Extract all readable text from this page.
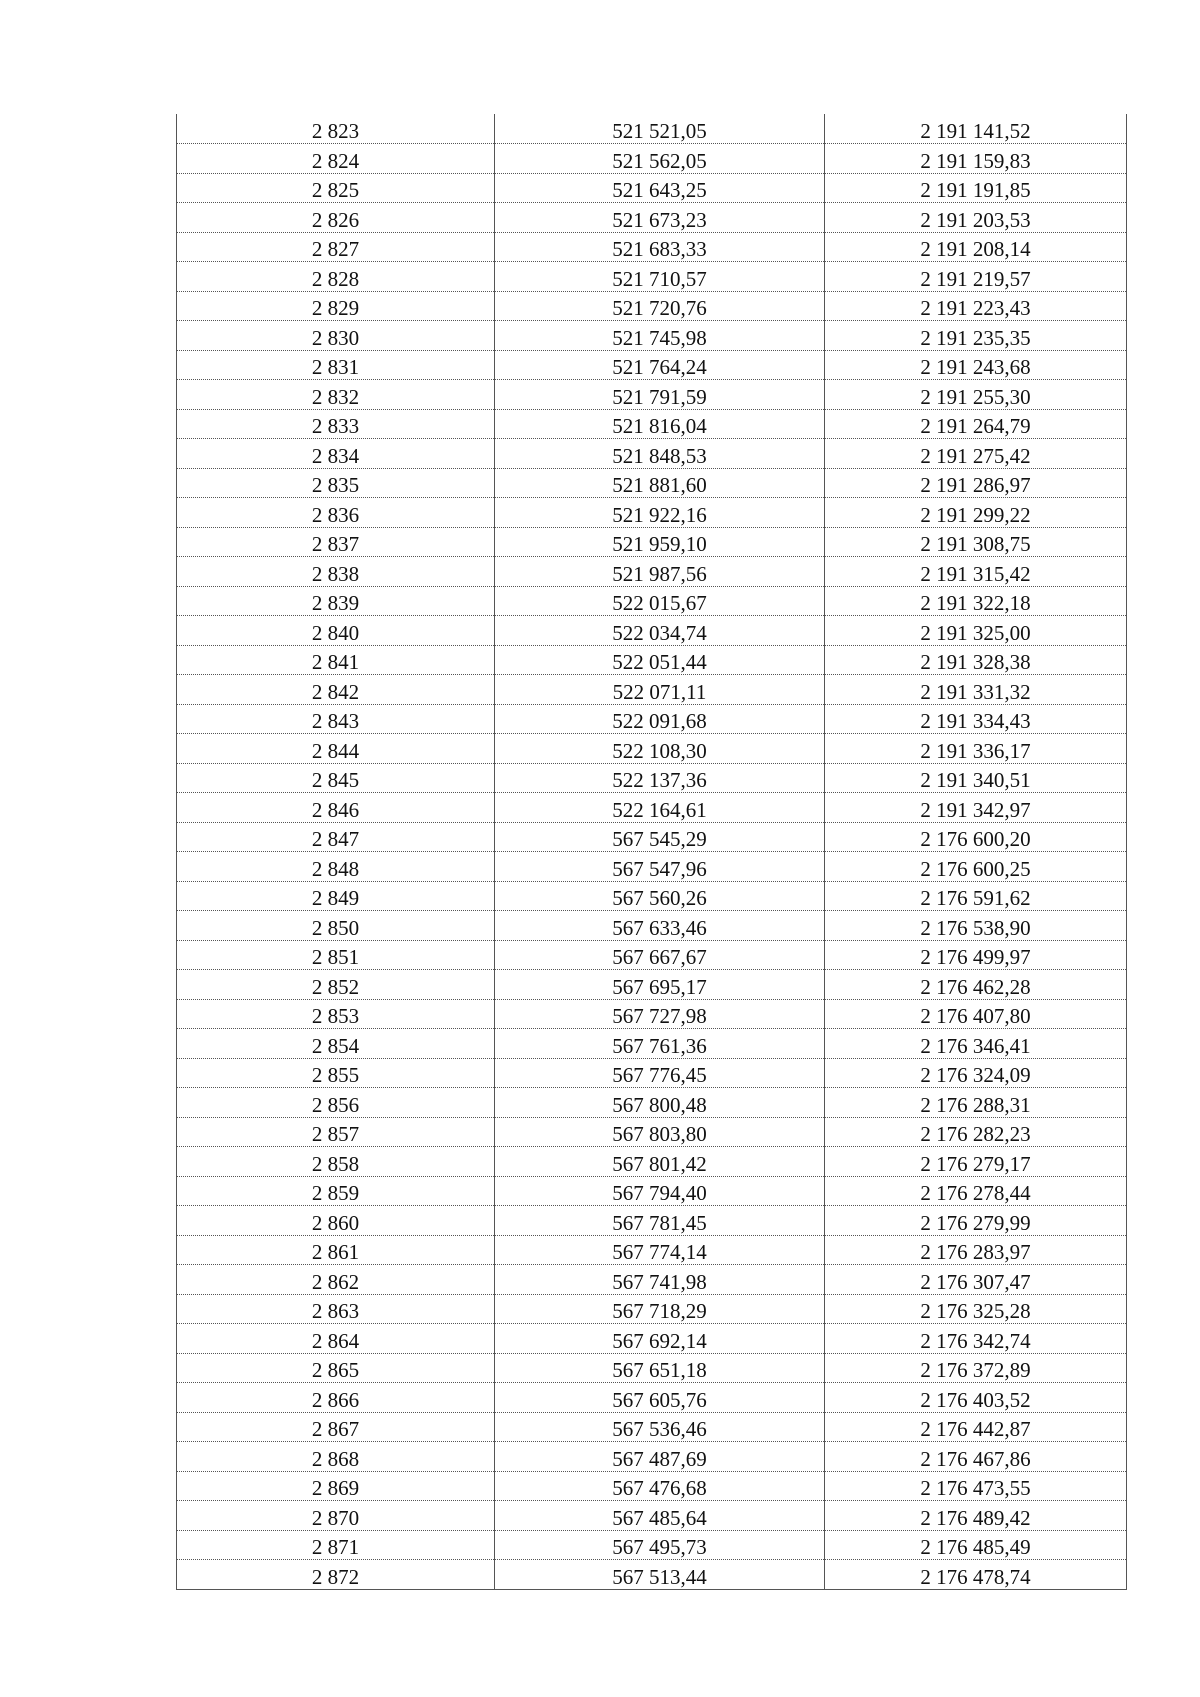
2 823	521 521,05	2 191 141,52
2 824	521 562,05	2 191 159,83
2 825	521 643,25	2 191 191,85
2 826	521 673,23	2 191 203,53
2 827	521 683,33	2 191 208,14
2 828	521 710,57	2 191 219,57
2 829	521 720,76	2 191 223,43
2 830	521 745,98	2 191 235,35
2 831	521 764,24	2 191 243,68
2 832	521 791,59	2 191 255,30
2 833	521 816,04	2 191 264,79
2 834	521 848,53	2 191 275,42
2 835	521 881,60	2 191 286,97
2 836	521 922,16	2 191 299,22
2 837	521 959,10	2 191 308,75
2 838	521 987,56	2 191 315,42
2 839	522 015,67	2 191 322,18
2 840	522 034,74	2 191 325,00
2 841	522 051,44	2 191 328,38
2 842	522 071,11	2 191 331,32
2 843	522 091,68	2 191 334,43
2 844	522 108,30	2 191 336,17
2 845	522 137,36	2 191 340,51
2 846	522 164,61	2 191 342,97
2 847	567 545,29	2 176 600,20
2 848	567 547,96	2 176 600,25
2 849	567 560,26	2 176 591,62
2 850	567 633,46	2 176 538,90
2 851	567 667,67	2 176 499,97
2 852	567 695,17	2 176 462,28
2 853	567 727,98	2 176 407,80
2 854	567 761,36	2 176 346,41
2 855	567 776,45	2 176 324,09
2 856	567 800,48	2 176 288,31
2 857	567 803,80	2 176 282,23
2 858	567 801,42	2 176 279,17
2 859	567 794,40	2 176 278,44
2 860	567 781,45	2 176 279,99
2 861	567 774,14	2 176 283,97
2 862	567 741,98	2 176 307,47
2 863	567 718,29	2 176 325,28
2 864	567 692,14	2 176 342,74
2 865	567 651,18	2 176 372,89
2 866	567 605,76	2 176 403,52
2 867	567 536,46	2 176 442,87
2 868	567 487,69	2 176 467,86
2 869	567 476,68	2 176 473,55
2 870	567 485,64	2 176 489,42
2 871	567 495,73	2 176 485,49
2 872	567 513,44	2 176 478,74
